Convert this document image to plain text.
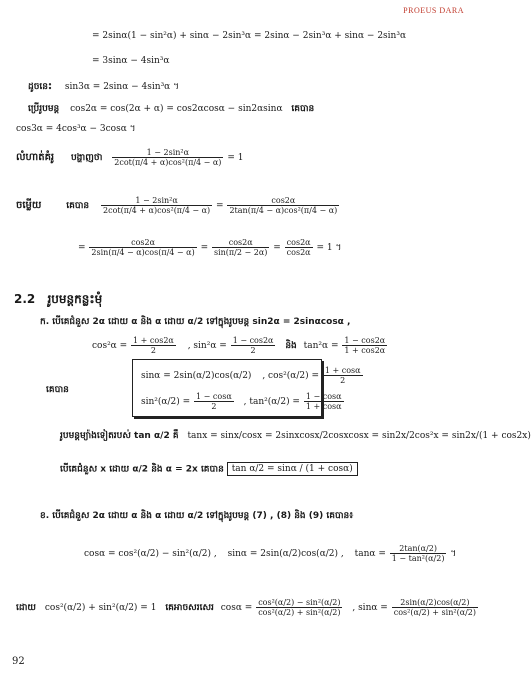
PROEUS DARA
= 2sinα(1 − sin²α) + sinα − 2sin³α = 2sinα − 2sin³α + sinα − 2sin³α
= 3sinα − 4sin³α
ដូចនេះ sin3α = 2sinα − 4sin³α ។
ប្រើរូបមន្ត cos2α = cos(2α + α) = cos2αcosα − sin2αsinα គេបាន
cos3α = 4cos³α − 3cosα ។
លំហាត់គំរូ បង្ហាញថា $\frac{\text{1 − 2sin²α}}{\text{2cot(π/4 + α)cos²(π/4 − α)}} = 1$
ចម្លើយ	គេបាន $\frac{\text{1 − 2sin²α}}{\text{2cot(π/4 + α)cos²(π/4 − α)}} = \frac{\cos 2\alpha}{\text{2tan(π/4 − α)cos²(π/4 − α)}}$
= $\frac{\cos 2\alpha}{2\sin(\pi/4 - \alpha)\cos(\pi/4 - \alpha)} = \frac{\cos 2\alpha}{\sin(\pi/2 - 2\alpha)} = \frac{\cos 2\alpha}{\cos 2\alpha} = 1$ ។
2.2 រូបមន្តកន្លះមុំ
ក. បើគេជំនួស 2α ដោយ α និង α ដោយ α/2 ទៅក្នុងរូបមន្ត sin2α = 2sinαcosα ,
$\cos^2\alpha = \frac{1 + \cos 2\alpha}{2}$ , $\sin^2\alpha = \frac{1 - \cos 2\alpha}{2}$ និង $\tan^2\alpha = \frac{1 - \cos 2\alpha}{1 + \cos 2\alpha}$
គេបាន
sinα = 2sin(α/2)cos(α/2) , $\cos^2(\alpha/2) = \frac{1 + \cos\alpha}{2}$
$\sin^2(\alpha/2) = \frac{1 - \cos\alpha}{2}$ , $\tan^2(\alpha/2) = \frac{1 - \cos\alpha}{1 + \cos\alpha}$
រូបមន្តម្យ៉ាងទៀតរបស់ tan α/2 គឺ tanx = sinx/cosx = 2sinxcosx/2cosxcosx = sin2x/2cos²x = sin2x/(1 + cos2x)
បើគេជំនួស x ដោយ α/2 និង α = 2x គេបាន tan α/2 = sinα / (1 + cosα)
ខ. បើគេជំនួស 2α ដោយ α និង α ដោយ α/2 ទៅក្នុងរូបមន្ត (7) , (8) និង (9) គេបាន៖
cosα = cos²(α/2) − sin²(α/2) , sinα = 2sin(α/2)cos(α/2) , $\tan\alpha = \frac{2\tan(\alpha/2)}{\text{1 − tan²(α/2)}}$ ។
ដោយ cos²(α/2) + sin²(α/2) = 1 គេអាចសរសេរ $\cos\alpha = \frac{\text{cos²(α/2) − sin²(α/2)}}{\text{cos²(α/2) + sin²(α/2)}}$ , $\sin\alpha = \frac{2\sin(\alpha/2)\cos(\alpha/2)}{\text{cos²(α/2) + sin²(α/2)}}$
92
